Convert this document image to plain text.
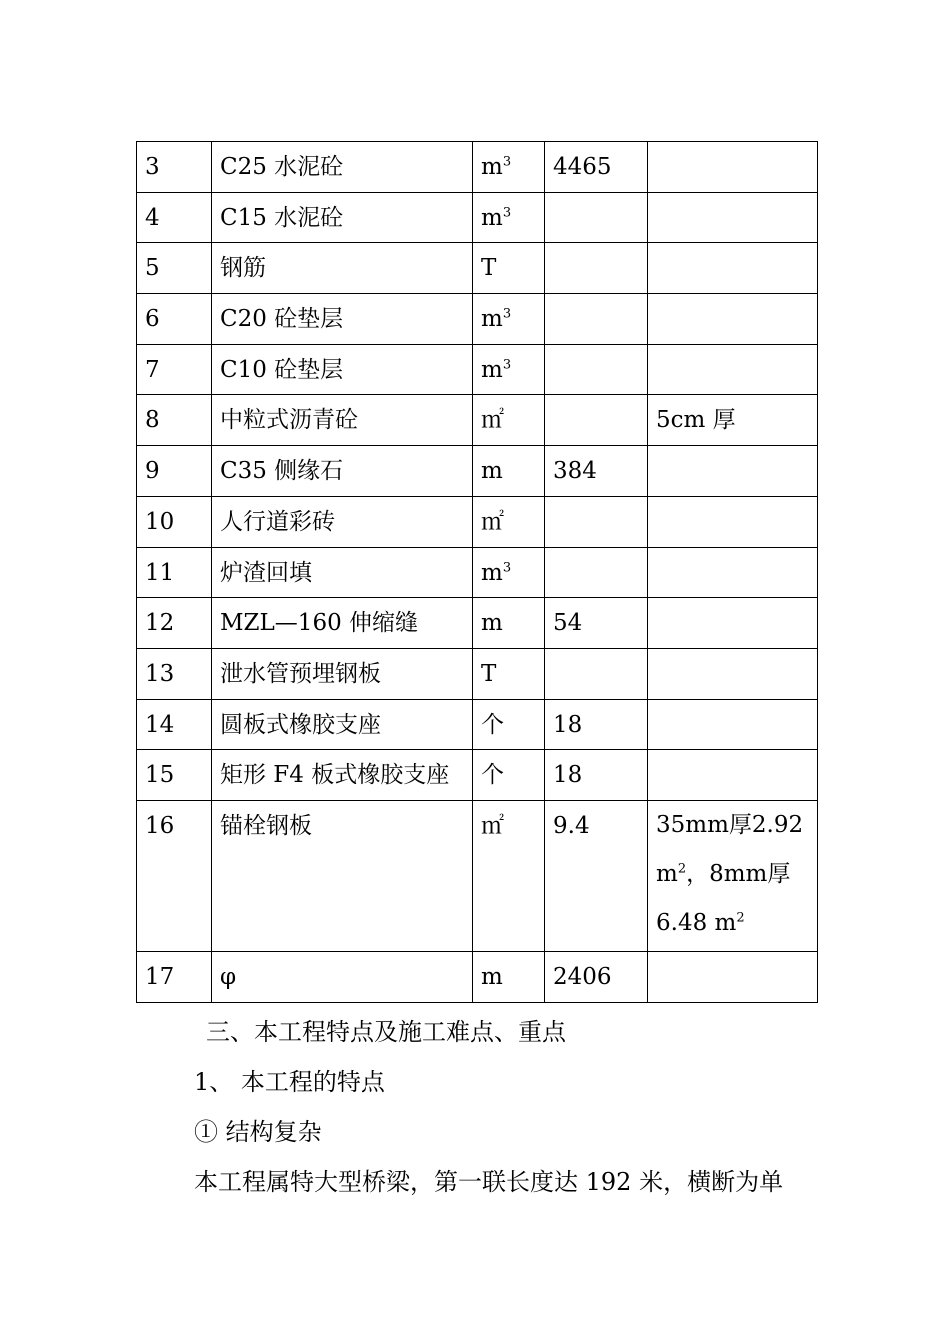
3	C25 水泥砼	$m^3$	4465	
4	C15 水泥砼	$m^3$		
5	钢筋	T		
6	C20 砼垫层	$m^3$		
7	C10 砼垫层	$m^3$		
8	中粒式沥青砼	㎡		5cm 厚
9	C35 侧缘石	m	384	
10	人行道彩砖	㎡		
11	炉渣回填	$m^3$		
12	MZL—160 伸缩缝	m	54	
13	泄水管预埋钢板	T		
14	圆板式橡胶支座	个	18	
15	矩形 F4 板式橡胶支座	个	18	
16	锚栓钢板	㎡	9.4	35mm厚2.92
$m^2$，8mm厚
6.48 $m^2$

17	φ	m	2406	
三、本工程特点及施工难点、重点
1、 本工程的特点
① 结构复杂
本工程属特大型桥梁，第一联长度达 192 米，横断为单
